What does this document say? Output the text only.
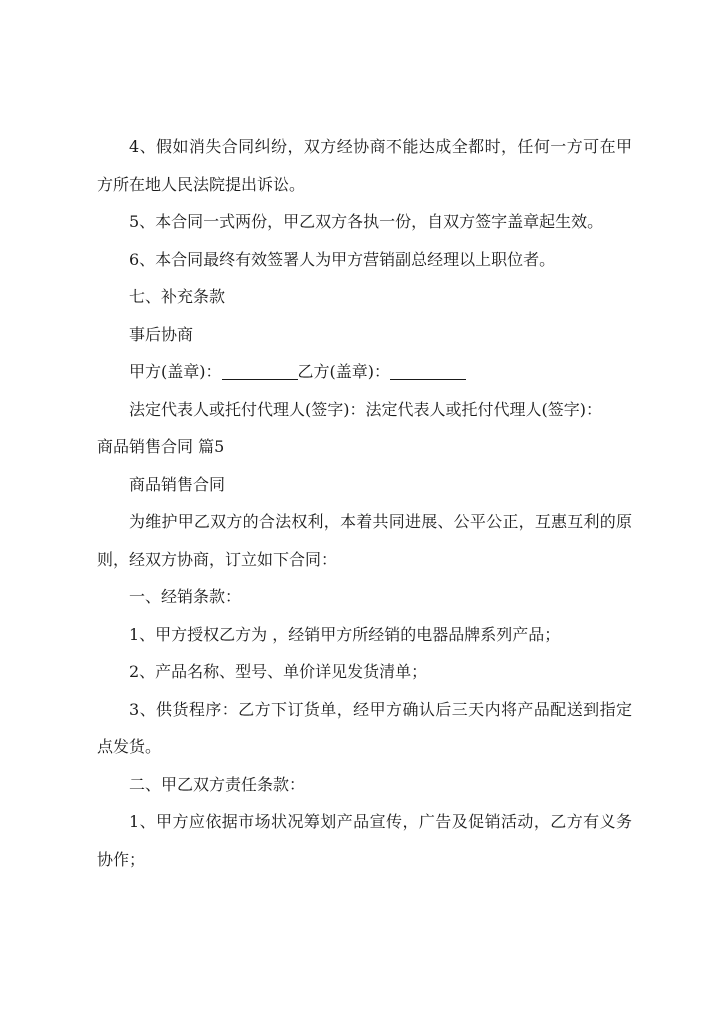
4、假如消失合同纠纷，双方经协商不能达成全都时，任何一方可在甲方所在地人民法院提出诉讼。

5、本合同一式两份，甲乙双方各执一份，自双方签字盖章起生效。

6、本合同最终有效签署人为甲方营销副总经理以上职位者。

七、补充条款

事后协商

甲方(盖章)：	乙方(盖章)：

法定代表人或托付代理人(签字)：法定代表人或托付代理人(签字)：

商品销售合同 篇5

商品销售合同

为维护甲乙双方的合法权利，本着共同进展、公平公正，互惠互利的原则，经双方协商，订立如下合同：

一、经销条款：

1、甲方授权乙方为 ，经销甲方所经销的电器品牌系列产品；

2、产品名称、型号、单价详见发货清单；

3、供货程序：乙方下订货单，经甲方确认后三天内将产品配送到指定点发货。

二、甲乙双方责任条款：

1、甲方应依据市场状况筹划产品宣传，广告及促销活动，乙方有义务协作；
